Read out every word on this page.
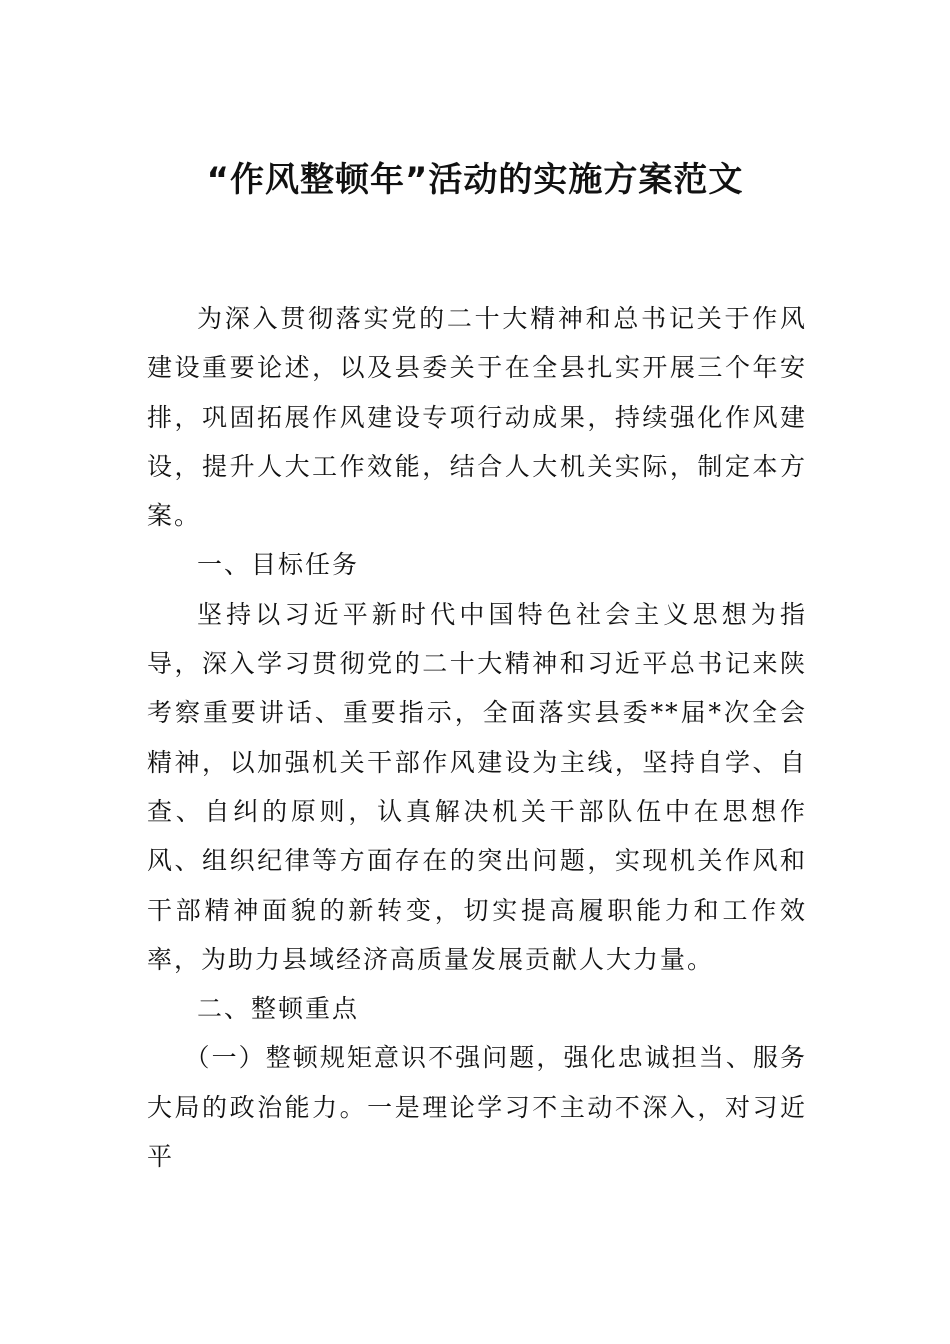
“作风整顿年”活动的实施方案范文

为深入贯彻落实党的二十大精神和总书记关于作风建设重要论述，以及县委关于在全县扎实开展三个年安排，巩固拓展作风建设专项行动成果，持续强化作风建设，提升人大工作效能，结合人大机关实际，制定本方案。

一、目标任务

坚持以习近平新时代中国特色社会主义思想为指导，深入学习贯彻党的二十大精神和习近平总书记来陕考察重要讲话、重要指示，全面落实县委**届*次全会精神，以加强机关干部作风建设为主线，坚持自学、自查、自纠的原则，认真解决机关干部队伍中在思想作风、组织纪律等方面存在的突出问题，实现机关作风和干部精神面貌的新转变，切实提高履职能力和工作效率，为助力县域经济高质量发展贡献人大力量。

二、整顿重点

（一）整顿规矩意识不强问题，强化忠诚担当、服务大局的政治能力。一是理论学习不主动不深入，对习近平
